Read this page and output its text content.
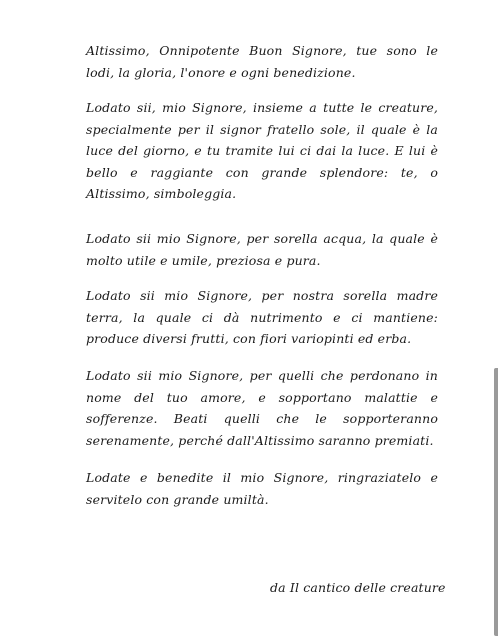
Altissimo, Onnipotente Buon Signore, tue sono le lodi, la gloria, l'onore e ogni benedizione.

Lodato sii, mio Signore, insieme a tutte le creature, specialmente per il signor fratello sole, il quale è la luce del giorno, e tu tramite lui ci dai la luce. E lui è bello e raggiante con grande splendore: te, o Altissimo, simboleggia.

Lodato sii mio Signore, per sorella acqua, la quale è molto utile e umile, preziosa e pura.

Lodato sii mio Signore, per nostra sorella madre terra, la quale ci dà nutrimento e ci mantiene: produce diversi frutti, con fiori variopinti ed erba.

Lodato sii mio Signore, per quelli che perdonano in nome del tuo amore, e sopportano malattie e sofferenze. Beati quelli che le sopporteranno serenamente, perché dall'Altissimo saranno premiati.

Lodate e benedite il mio Signore, ringraziatelo e servitelo con grande umiltà.

da Il cantico delle creature
